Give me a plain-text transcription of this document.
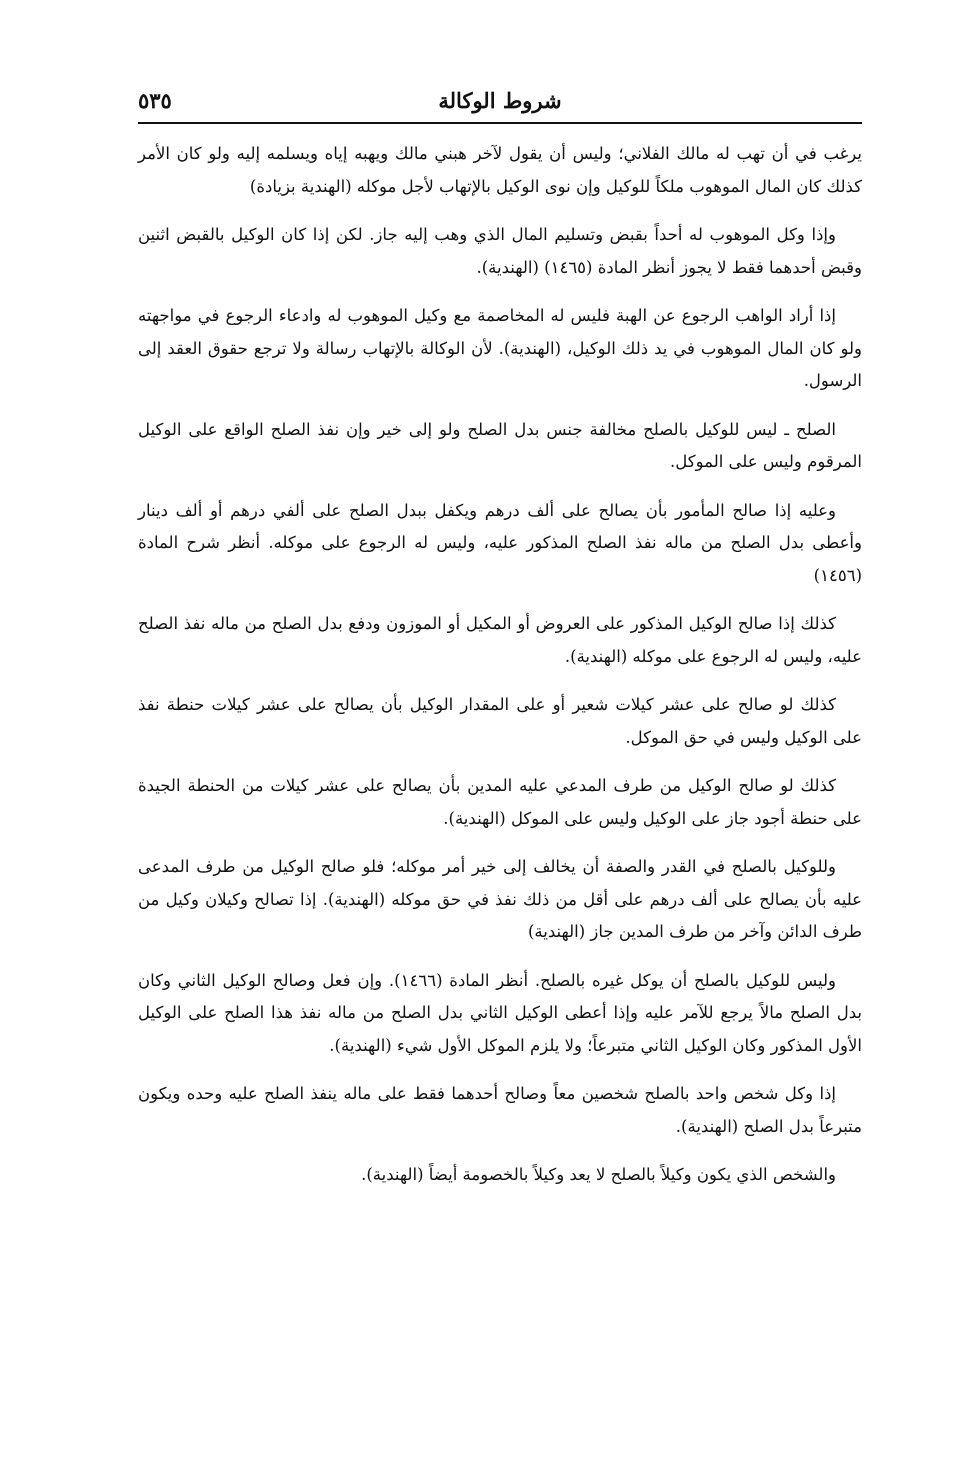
شروط الوكالة
٥٣٥

يرغب في أن تهب له مالك الفلاني؛ وليس أن يقول لآخر هبني مالك ويهبه إياه ويسلمه إليه ولو كان الأمر كذلك كان المال الموهوب ملكاً للوكيل وإن نوى الوكيل بالإتهاب لأجل موكله (الهندية بزيادة)

وإذا وكل الموهوب له أحداً بقبض وتسليم المال الذي وهب إليه جاز. لكن إذا كان الوكيل بالقبض اثنين وقبض أحدهما فقط لا يجوز أنظر المادة (١٤٦٥) (الهندية).

إذا أراد الواهب الرجوع عن الهبة فليس له المخاصمة مع وكيل الموهوب له وادعاء الرجوع في مواجهته ولو كان المال الموهوب في يد ذلك الوكيل، (الهندية). لأن الوكالة بالإتهاب رسالة ولا ترجع حقوق العقد إلى الرسول.

الصلح ـ ليس للوكيل بالصلح مخالفة جنس بدل الصلح ولو إلى خير وإن نفذ الصلح الواقع على الوكيل المرقوم وليس على الموكل.

وعليه إذا صالح المأمور بأن يصالح على ألف درهم ويكفل ببدل الصلح على ألفي درهم أو ألف دينار وأعطى بدل الصلح من ماله نفذ الصلح المذكور عليه، وليس له الرجوع على موكله. أنظر شرح المادة (١٤٥٦)

كذلك إذا صالح الوكيل المذكور على العروض أو المكيل أو الموزون ودفع بدل الصلح من ماله نفذ الصلح عليه، وليس له الرجوع على موكله (الهندية).

كذلك لو صالح على عشر كيلات شعير أو على المقدار الوكيل بأن يصالح على عشر كيلات حنطة نفذ على الوكيل وليس في حق الموكل.

كذلك لو صالح الوكيل من طرف المدعي عليه المدين بأن يصالح على عشر كيلات من الحنطة الجيدة على حنطة أجود جاز على الوكيل وليس على الموكل (الهندية).

وللوكيل بالصلح في القدر والصفة أن يخالف إلى خير أمر موكله؛ فلو صالح الوكيل من طرف المدعى عليه بأن يصالح على ألف درهم على أقل من ذلك نفذ في حق موكله (الهندية). إذا تصالح وكيلان وكيل من طرف الدائن وآخر من طرف المدين جاز (الهندية)

وليس للوكيل بالصلح أن يوكل غيره بالصلح. أنظر المادة (١٤٦٦). وإن فعل وصالح الوكيل الثاني وكان بدل الصلح مالاً يرجع للآمر عليه وإذا أعطى الوكيل الثاني بدل الصلح من ماله نفذ هذا الصلح على الوكيل الأول المذكور وكان الوكيل الثاني متبرعاً؛ ولا يلزم الموكل الأول شيء (الهندية).

إذا وكل شخص واحد بالصلح شخصين معاً وصالح أحدهما فقط على ماله ينفذ الصلح عليه وحده ويكون متبرعاً بدل الصلح (الهندية).

والشخص الذي يكون وكيلاً بالصلح لا يعد وكيلاً بالخصومة أيضاً (الهندية).
